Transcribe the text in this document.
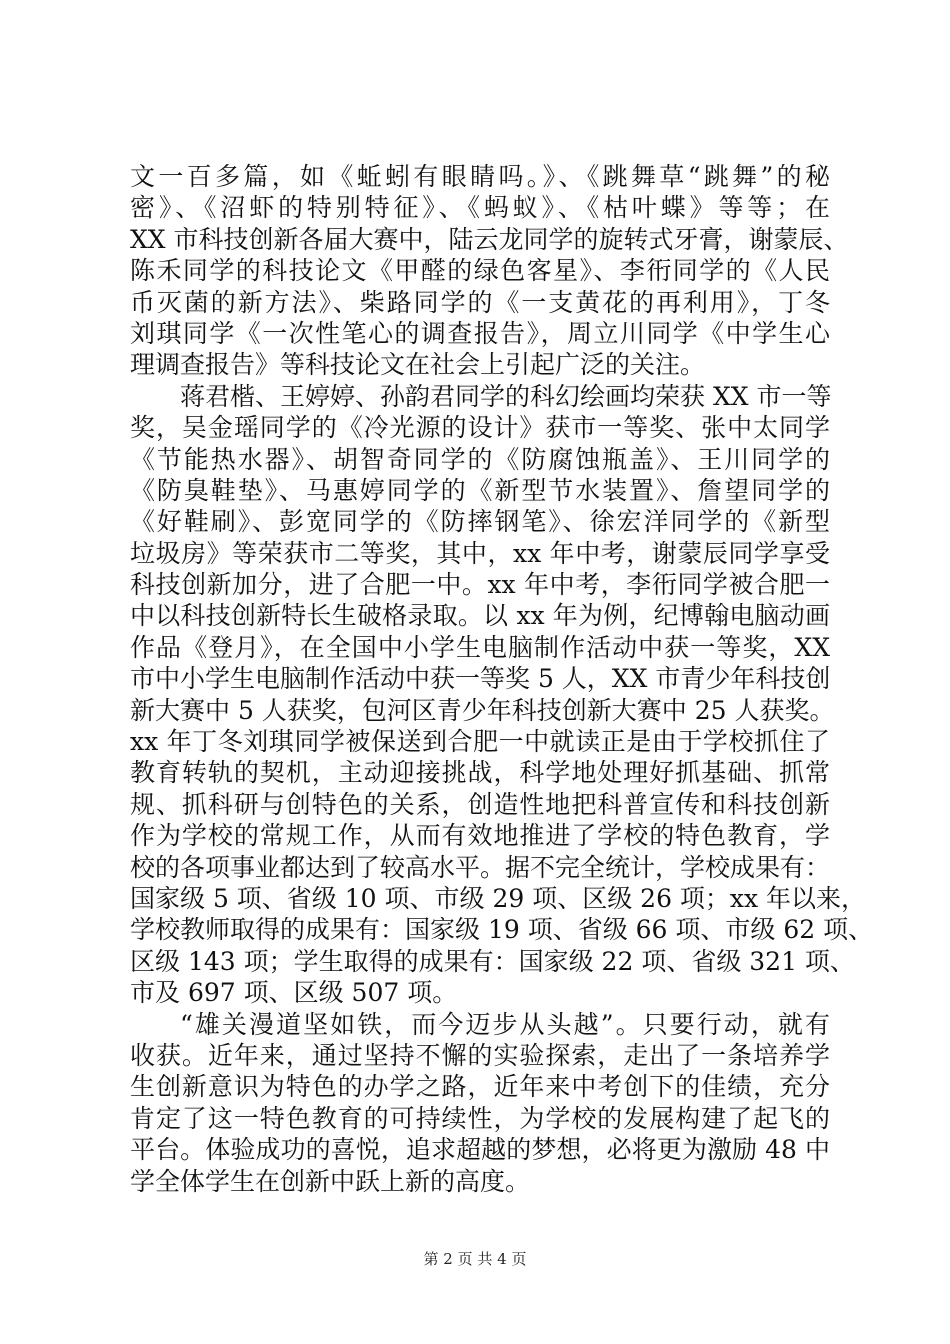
文一百多篇，如《蚯蚓有眼睛吗。》、《跳舞草“跳舞”的秘
密》、《沼虾的特别特征》、《蚂蚁》、《枯叶蝶》等等；在
XX 市科技创新各届大赛中，陆云龙同学的旋转式牙膏，谢蒙辰、
陈禾同学的科技论文《甲醛的绿色客星》、李衎同学的《人民
币灭菌的新方法》、柴路同学的《一支黄花的再利用》，丁冬
刘琪同学《一次性笔心的调查报告》，周立川同学《中学生心
理调查报告》等科技论文在社会上引起广泛的关注。
蒋君楷、王婷婷、孙韵君同学的科幻绘画均荣获 XX 市一等
奖，吴金瑶同学的《冷光源的设计》获市一等奖、张中太同学
《节能热水器》、胡智奇同学的《防腐蚀瓶盖》、王川同学的
《防臭鞋垫》、马惠婷同学的《新型节水装置》、詹望同学的
《好鞋刷》、彭宽同学的《防摔钢笔》、徐宏洋同学的《新型
垃圾房》等荣获市二等奖，其中，xx 年中考，谢蒙辰同学享受
科技创新加分，进了合肥一中。xx 年中考，李衎同学被合肥一
中以科技创新特长生破格录取。以 xx 年为例，纪博翰电脑动画
作品《登月》，在全国中小学生电脑制作活动中获一等奖，XX
市中小学生电脑制作活动中获一等奖 5 人，XX 市青少年科技创
新大赛中 5 人获奖，包河区青少年科技创新大赛中 25 人获奖。
xx 年丁冬刘琪同学被保送到合肥一中就读正是由于学校抓住了
教育转轨的契机，主动迎接挑战，科学地处理好抓基础、抓常
规、抓科研与创特色的关系，创造性地把科普宣传和科技创新
作为学校的常规工作，从而有效地推进了学校的特色教育，学
校的各项事业都达到了较高水平。据不完全统计，学校成果有：
国家级 5 项、省级 10 项、市级 29 项、区级 26 项；xx 年以来，
学校教师取得的成果有：国家级 19 项、省级 66 项、市级 62 项、
区级 143 项；学生取得的成果有：国家级 22 项、省级 321 项、
市及 697 项、区级 507 项。
“雄关漫道坚如铁，而今迈步从头越”。只要行动，就有
收获。近年来，通过坚持不懈的实验探索，走出了一条培养学
生创新意识为特色的办学之路，近年来中考创下的佳绩，充分
肯定了这一特色教育的可持续性，为学校的发展构建了起飞的
平台。体验成功的喜悦，追求超越的梦想，必将更为激励 48 中
学全体学生在创新中跃上新的高度。
第 2 页 共 4 页
